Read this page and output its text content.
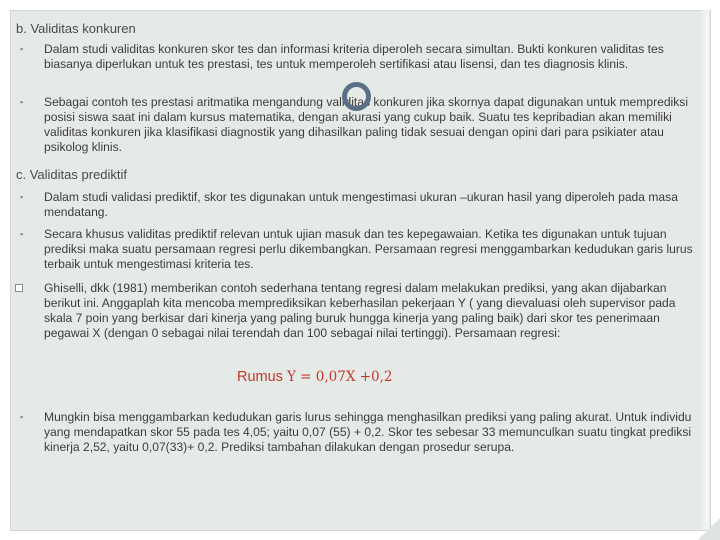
b. Validitas konkuren
▪ Dalam studi validitas konkuren skor tes dan informasi kriteria diperoleh secara simultan. Bukti konkuren validitas tes biasanya diperlukan untuk tes prestasi, tes untuk memperoleh sertifikasi atau lisensi, dan tes diagnosis klinis.
▪ Sebagai contoh tes prestasi aritmatika mengandung validitas konkuren jika skornya dapat digunakan untuk memprediksi posisi siswa saat ini dalam kursus matematika, dengan akurasi yang cukup baik. Suatu tes kepribadian akan memiliki validitas konkuren jika klasifikasi diagnostik yang dihasilkan paling tidak sesuai dengan opini dari para psikiater atau psikolog klinis.
c. Validitas prediktif
▪ Dalam studi validasi prediktif, skor tes digunakan untuk mengestimasi ukuran –ukuran hasil yang diperoleh pada masa mendatang.
▪ Secara khusus validitas prediktif relevan untuk ujian masuk dan tes kepegawaian. Ketika tes digunakan untuk tujuan prediksi maka suatu persamaan regresi perlu dikembangkan. Persamaan regresi menggambarkan kedudukan garis lurus terbaik untuk mengestimasi kriteria tes.
Ghiselli, dkk (1981) memberikan contoh sederhana tentang regresi dalam melakukan prediksi, yang akan dijabarkan berikut ini. Anggaplah kita mencoba memprediksikan keberhasilan pekerjaan Y ( yang dievaluasi oleh supervisor pada skala 7 poin yang berkisar dari kinerja yang paling buruk hungga kinerja yang paling baik) dari skor tes penerimaan pegawai X (dengan 0 sebagai nilai terendah dan 100 sebagai nilai tertinggi). Persamaan regresi:
Rumus Y = 0,07X +0,2
▪ Mungkin bisa menggambarkan kedudukan garis lurus sehingga menghasilkan prediksi yang paling akurat. Untuk individu yang mendapatkan skor 55 pada tes 4,05; yaitu 0,07 (55) + 0,2. Skor tes sebesar 33 memunculkan suatu tingkat prediksi kinerja 2,52, yaitu 0,07(33)+ 0,2. Prediksi tambahan dilakukan dengan prosedur serupa.
